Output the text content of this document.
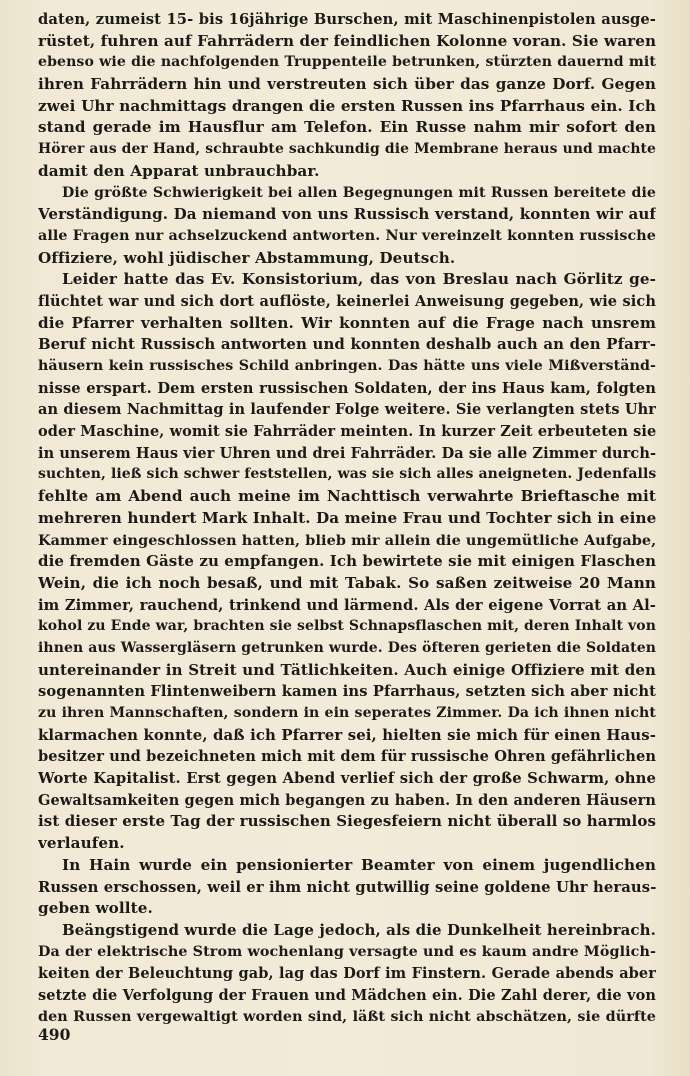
daten, zumeist 15- bis 16jährige Burschen, mit Maschinenpistolen ausge-
rüstet, fuhren auf Fahrrädern der feindlichen Kolonne voran. Sie waren
ebenso wie die nachfolgenden Truppenteile betrunken, stürzten dauernd mit
ihren Fahrrädern hin und verstreuten sich über das ganze Dorf. Gegen
zwei Uhr nachmittags drangen die ersten Russen ins Pfarrhaus ein. Ich
stand gerade im Hausflur am Telefon. Ein Russe nahm mir sofort den
Hörer aus der Hand, schraubte sachkundig die Membrane heraus und machte
damit den Apparat unbrauchbar.
Die größte Schwierigkeit bei allen Begegnungen mit Russen bereitete die
Verständigung. Da niemand von uns Russisch verstand, konnten wir auf
alle Fragen nur achselzuckend antworten. Nur vereinzelt konnten russische
Offiziere, wohl jüdischer Abstammung, Deutsch.
Leider hatte das Ev. Konsistorium, das von Breslau nach Görlitz ge-
flüchtet war und sich dort auflöste, keinerlei Anweisung gegeben, wie sich
die Pfarrer verhalten sollten. Wir konnten auf die Frage nach unsrem
Beruf nicht Russisch antworten und konnten deshalb auch an den Pfarr-
häusern kein russisches Schild anbringen. Das hätte uns viele Mißverständ-
nisse erspart. Dem ersten russischen Soldaten, der ins Haus kam, folgten
an diesem Nachmittag in laufender Folge weitere. Sie verlangten stets Uhr
oder Maschine, womit sie Fahrräder meinten. In kurzer Zeit erbeuteten sie
in unserem Haus vier Uhren und drei Fahrräder. Da sie alle Zimmer durch-
suchten, ließ sich schwer feststellen, was sie sich alles aneigneten. Jedenfalls
fehlte am Abend auch meine im Nachttisch verwahrte Brieftasche mit
mehreren hundert Mark Inhalt. Da meine Frau und Tochter sich in eine
Kammer eingeschlossen hatten, blieb mir allein die ungemütliche Aufgabe,
die fremden Gäste zu empfangen. Ich bewirtete sie mit einigen Flaschen
Wein, die ich noch besaß, und mit Tabak. So saßen zeitweise 20 Mann
im Zimmer, rauchend, trinkend und lärmend. Als der eigene Vorrat an Al-
kohol zu Ende war, brachten sie selbst Schnapsflaschen mit, deren Inhalt von
ihnen aus Wassergläsern getrunken wurde. Des öfteren gerieten die Soldaten
untereinander in Streit und Tätlichkeiten. Auch einige Offiziere mit den
sogenannten Flintenweibern kamen ins Pfarrhaus, setzten sich aber nicht
zu ihren Mannschaften, sondern in ein seperates Zimmer. Da ich ihnen nicht
klarmachen konnte, daß ich Pfarrer sei, hielten sie mich für einen Haus-
besitzer und bezeichneten mich mit dem für russische Ohren gefährlichen
Worte Kapitalist. Erst gegen Abend verlief sich der große Schwarm, ohne
Gewaltsamkeiten gegen mich begangen zu haben. In den anderen Häusern
ist dieser erste Tag der russischen Siegesfeiern nicht überall so harmlos
verlaufen.
In Hain wurde ein pensionierter Beamter von einem jugendlichen
Russen erschossen, weil er ihm nicht gutwillig seine goldene Uhr heraus-
geben wollte.
Beängstigend wurde die Lage jedoch, als die Dunkelheit hereinbrach.
Da der elektrische Strom wochenlang versagte und es kaum andre Möglich-
keiten der Beleuchtung gab, lag das Dorf im Finstern. Gerade abends aber
setzte die Verfolgung der Frauen und Mädchen ein. Die Zahl derer, die von
den Russen vergewaltigt worden sind, läßt sich nicht abschätzen, sie dürfte
490
